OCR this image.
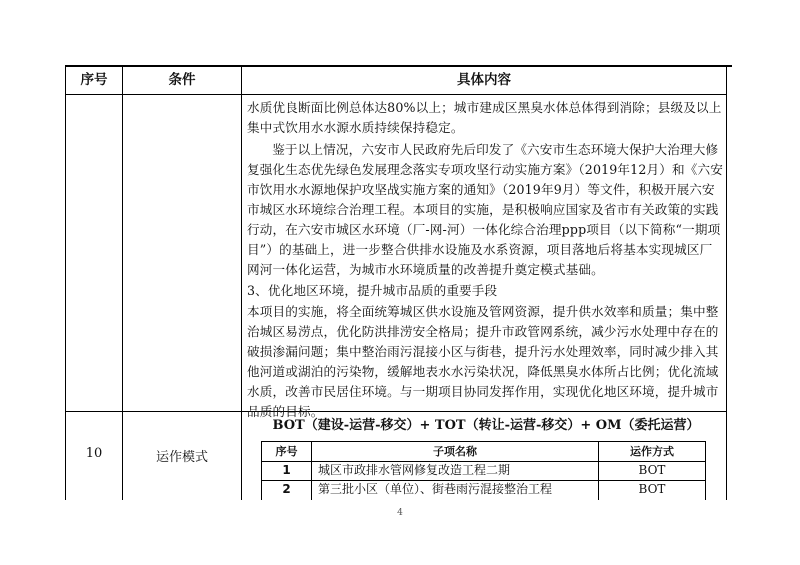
序号	条件	具体内容

水质优良断面比例总体达80%以上；城市建成区黑臭水体总体得到消除；县级及以上集中式饮用水水源水质持续保持稳定。

鉴于以上情况，六安市人民政府先后印发了《六安市生态环境大保护大治理大修复强化生态优先绿色发展理念落实专项攻坚行动实施方案》（2019年12月）和《六安市饮用水水源地保护攻坚战实施方案的通知》（2019年9月）等文件，积极开展六安市城区水环境综合治理工程。本项目的实施，是积极响应国家及省市有关政策的实践行动，在六安市城区水环境（厂-网-河）一体化综合治理ppp项目（以下简称“一期项目”）的基础上，进一步整合供排水设施及水系资源，项目落地后将基本实现城区厂网河一体化运营，为城市水环境质量的改善提升奠定模式基础。

3、优化地区环境，提升城市品质的重要手段

本项目的实施，将全面统筹城区供水设施及管网资源，提升供水效率和质量；集中整治城区易涝点，优化防洪排涝安全格局；提升市政管网系统，减少污水处理中存在的破损渗漏问题；集中整治雨污混接小区与街巷，提升污水处理效率，同时减少排入其他河道或湖泊的污染物，缓解地表水水污染状况，降低黑臭水体所占比例；优化流域水质，改善市民居住环境。与一期项目协同发挥作用，实现优化地区环境，提升城市品质的目标。

10	运作模式
BOT（建设-运营-移交）+ TOT（转让-运营-移交）+ OM（委托运营）
序号	子项名称	运作方式
1	城区市政排水管网修复改造工程二期	BOT
2	第三批小区（单位）、街巷雨污混接整治工程	BOT
4
